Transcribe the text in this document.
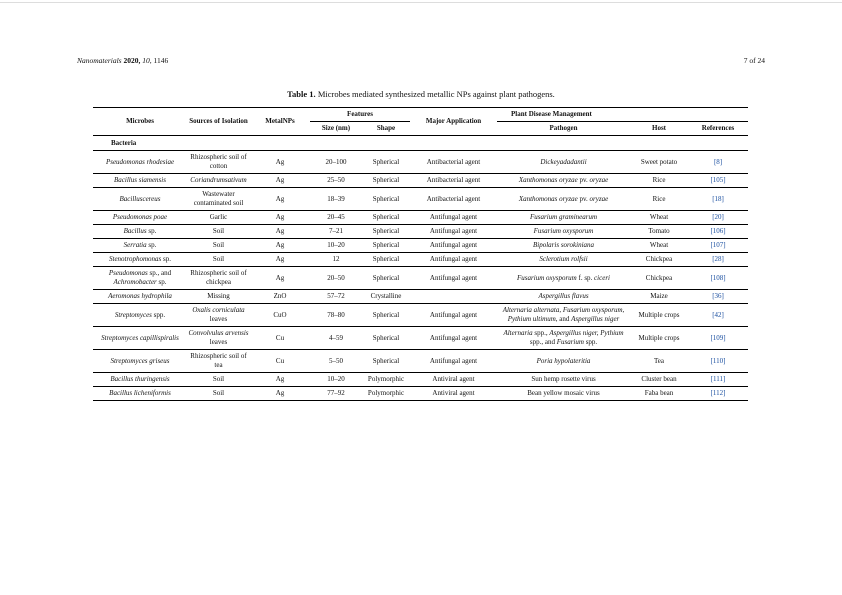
Nanomaterials 2020, 10, 1146	7 of 24
Table 1. Microbes mediated synthesized metallic NPs against plant pathogens.
Microbes	Sources of Isolation	MetalNPs	Features		Major Application	Plant Disease Management		
			Size (nm)	Shape		Pathogen	Host	References
Bacteria								
Pseudomonas rhodesiae	Rhizospheric soil of cotton	Ag	20–100	Spherical	Antibacterial agent	Dickeyadadantii	Sweet potato	[8]
Bacillus siamensis	Coriandrumsativum	Ag	25–50	Spherical	Antibacterial agent	Xanthomonas oryzae pv. oryzae	Rice	[105]
Bacilluscereus	Wastewater contaminated soil	Ag	18–39	Spherical	Antibacterial agent	Xanthomonas oryzae pv. oryzae	Rice	[18]
Pseudomonas poae	Garlic	Ag	20–45	Spherical	Antifungal agent	Fusarium graminearum	Wheat	[20]
Bacillus sp.	Soil	Ag	7–21	Spherical	Antifungal agent	Fusarium oxysporum	Tomato	[106]
Serratia sp.	Soil	Ag	10–20	Spherical	Antifungal agent	Bipolaris sorokiniana	Wheat	[107]
Stenotrophomonas sp.	Soil	Ag	12	Spherical	Antifungal agent	Sclerotium rolfsii	Chickpea	[28]
Pseudomonas sp., and Achromobacter sp.	Rhizospheric soil of chickpea	Ag	20–50	Spherical	Antifungal agent	Fusarium oxysporum f. sp. ciceri	Chickpea	[108]
Aeromonas hydrophila	Missing	ZnO	57–72	Crystalline		Aspergillus flavus	Maize	[36]
Streptomyces spp.	Oxalis corniculata leaves	CuO	78–80	Spherical	Antifungal agent	Alternaria alternata, Fusarium oxysporum, Pythium ultimum, and Aspergillus niger	Multiple crops	[42]
Streptomyces capillispiralis	Convolvulus arvensis leaves	Cu	4–59	Spherical	Antifungal agent	Alternaria spp., Aspergillus niger, Pythium spp., and Fusarium spp.	Multiple crops	[109]
Streptomyces griseus	Rhizospheric soil of tea	Cu	5–50	Spherical	Antifungal agent	Poria hypolateritia	Tea	[110]
Bacillus thuringensis	Soil	Ag	10–20	Polymorphic	Antiviral agent	Sun hemp rosette virus	Cluster bean	[111]
Bacillus licheniformis	Soil	Ag	77–92	Polymorphic	Antiviral agent	Bean yellow mosaic virus	Faba bean	[112]
